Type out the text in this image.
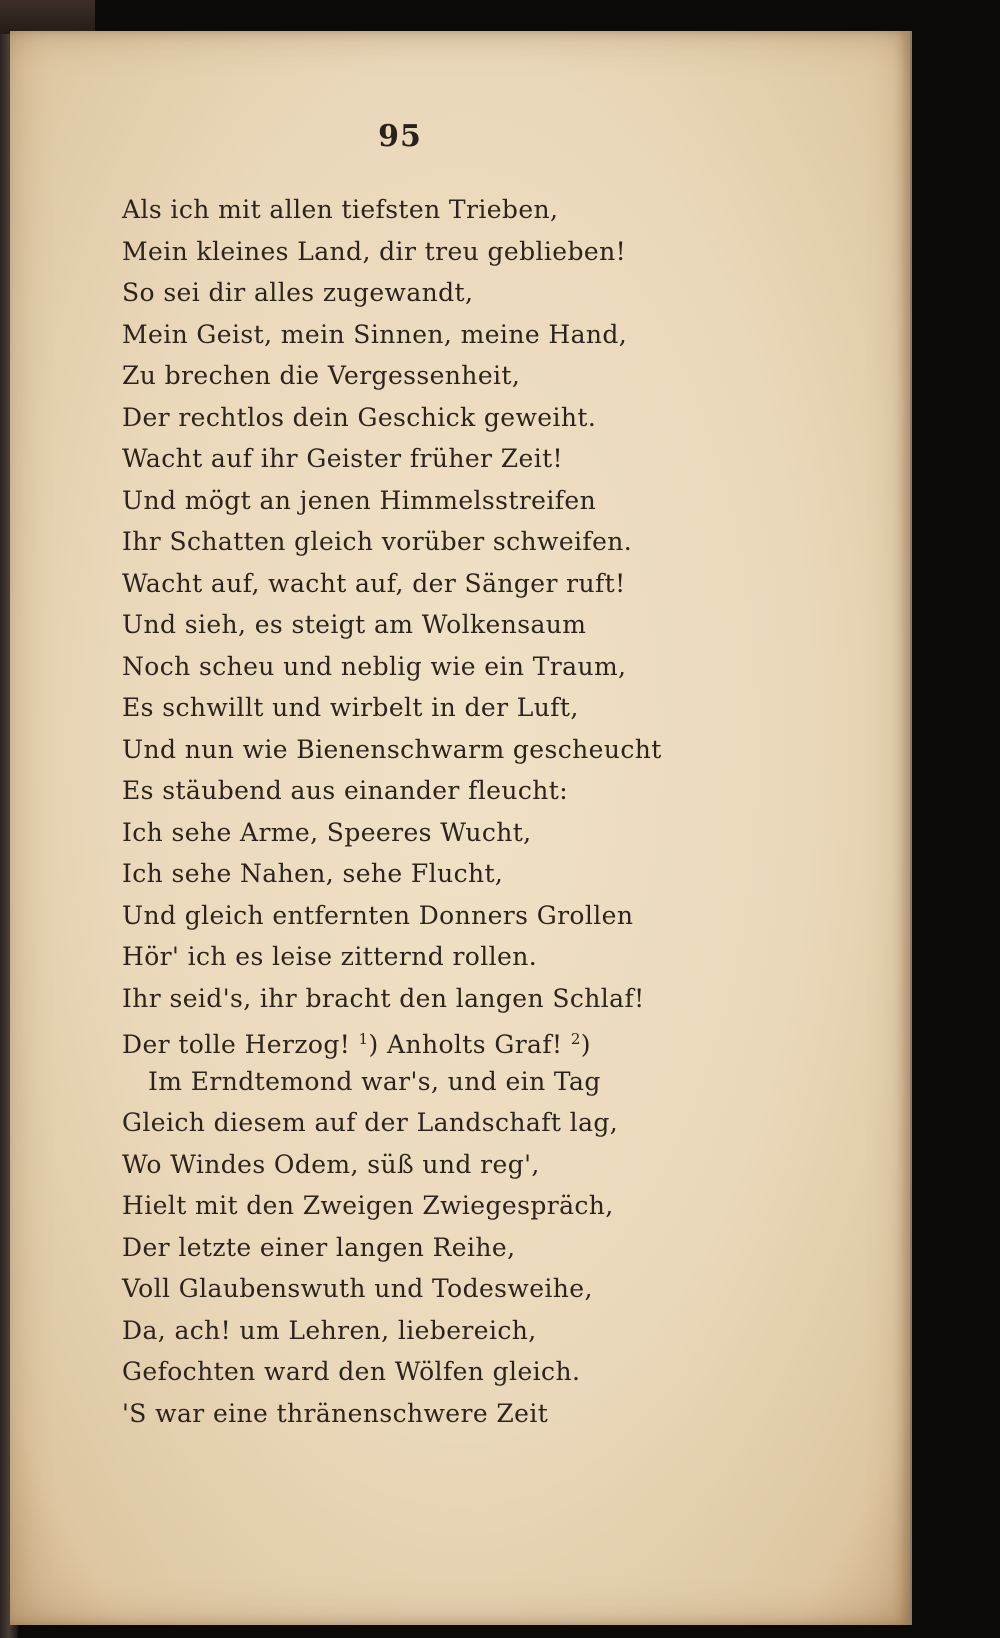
95
Als ich mit allen tiefsten Trieben,
Mein kleines Land, dir treu geblieben!
So sei dir alles zugewandt,
Mein Geist, mein Sinnen, meine Hand,
Zu brechen die Vergessenheit,
Der rechtlos dein Geschick geweiht.
Wacht auf ihr Geister früher Zeit!
Und mögt an jenen Himmelsstreifen
Ihr Schatten gleich vorüber schweifen.
Wacht auf, wacht auf, der Sänger ruft!
Und sieh, es steigt am Wolkensaum
Noch scheu und neblig wie ein Traum,
Es schwillt und wirbelt in der Luft,
Und nun wie Bienenschwarm gescheucht
Es stäubend aus einander fleucht:
Ich sehe Arme, Speeres Wucht,
Ich sehe Nahen, sehe Flucht,
Und gleich entfernten Donners Grollen
Hör' ich es leise zitternd rollen.
Ihr seid's, ihr bracht den langen Schlaf!
Der tolle Herzog! $^1$) Anholts Graf! $^2$)
Im Erndtemond war's, und ein Tag
Gleich diesem auf der Landschaft lag,
Wo Windes Odem, süß und reg',
Hielt mit den Zweigen Zwiegespräch,
Der letzte einer langen Reihe,
Voll Glaubenswuth und Todesweihe,
Da, ach! um Lehren, liebereich,
Gefochten ward den Wölfen gleich.
'S war eine thränenschwere Zeit
